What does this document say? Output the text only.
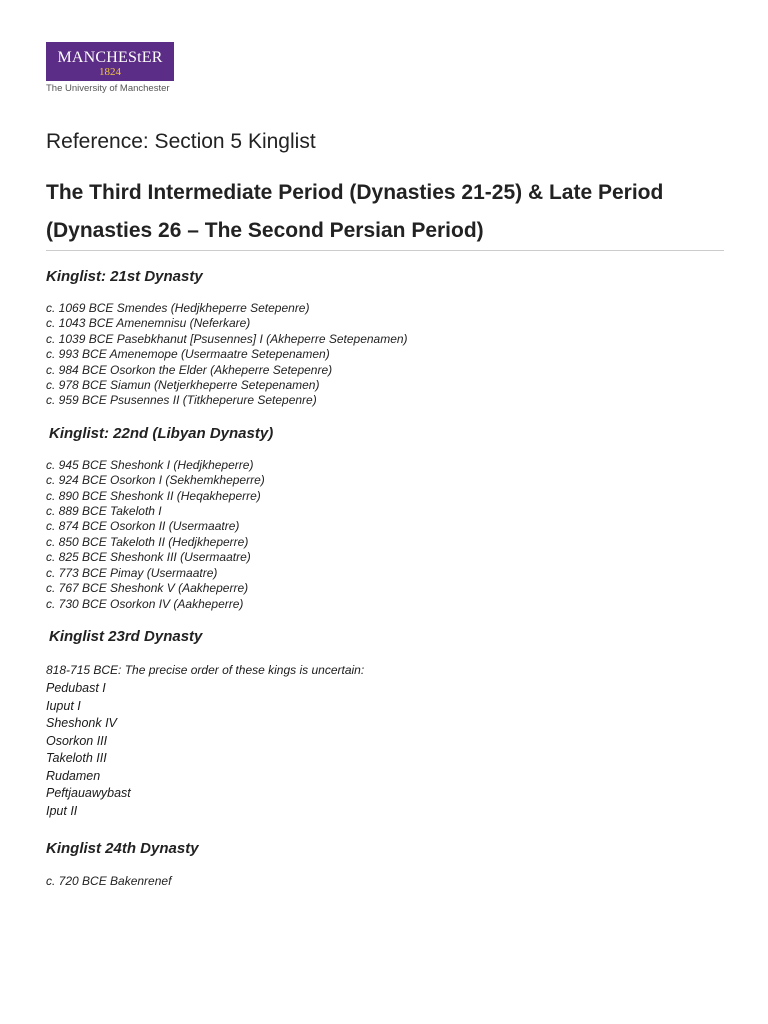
MANCHEStER
1824
The University of Manchester
Reference: Section 5 Kinglist
The Third Intermediate Period (Dynasties 21-25) & Late Period (Dynasties 26 – The Second Persian Period)
Kinglist: 21st Dynasty
c. 1069 BCE Smendes (Hedjkheperre Setepenre)
c. 1043 BCE Amenemnisu (Neferkare)
c. 1039 BCE Pasebkhanut [Psusennes] I (Akheperre Setepenamen)
c. 993 BCE Amenemope (Usermaatre Setepenamen)
c. 984 BCE Osorkon the Elder (Akheperre Setepenre)
c. 978 BCE Siamun (Netjerkheperre Setepenamen)
c. 959 BCE Psusennes II (Titkheperure Setepenre)
Kinglist: 22nd (Libyan Dynasty)
c. 945 BCE Sheshonk I (Hedjkheperre)
c. 924 BCE Osorkon I (Sekhemkheperre)
c. 890 BCE Sheshonk II (Heqakheperre)
c. 889 BCE Takeloth I
c. 874 BCE Osorkon II (Usermaatre)
c. 850 BCE Takeloth II (Hedjkheperre)
c. 825 BCE Sheshonk III (Usermaatre)
c. 773 BCE Pimay (Usermaatre)
c. 767 BCE Sheshonk V (Aakheperre)
c. 730 BCE Osorkon IV (Aakheperre)
Kinglist 23rd Dynasty
818-715 BCE: The precise order of these kings is uncertain:
Pedubast I
Iuput I
Sheshonk IV
Osorkon III
Takeloth III
Rudamen
Peftjauawybast
Iput II
Kinglist 24th Dynasty
c. 720 BCE Bakenrenef
